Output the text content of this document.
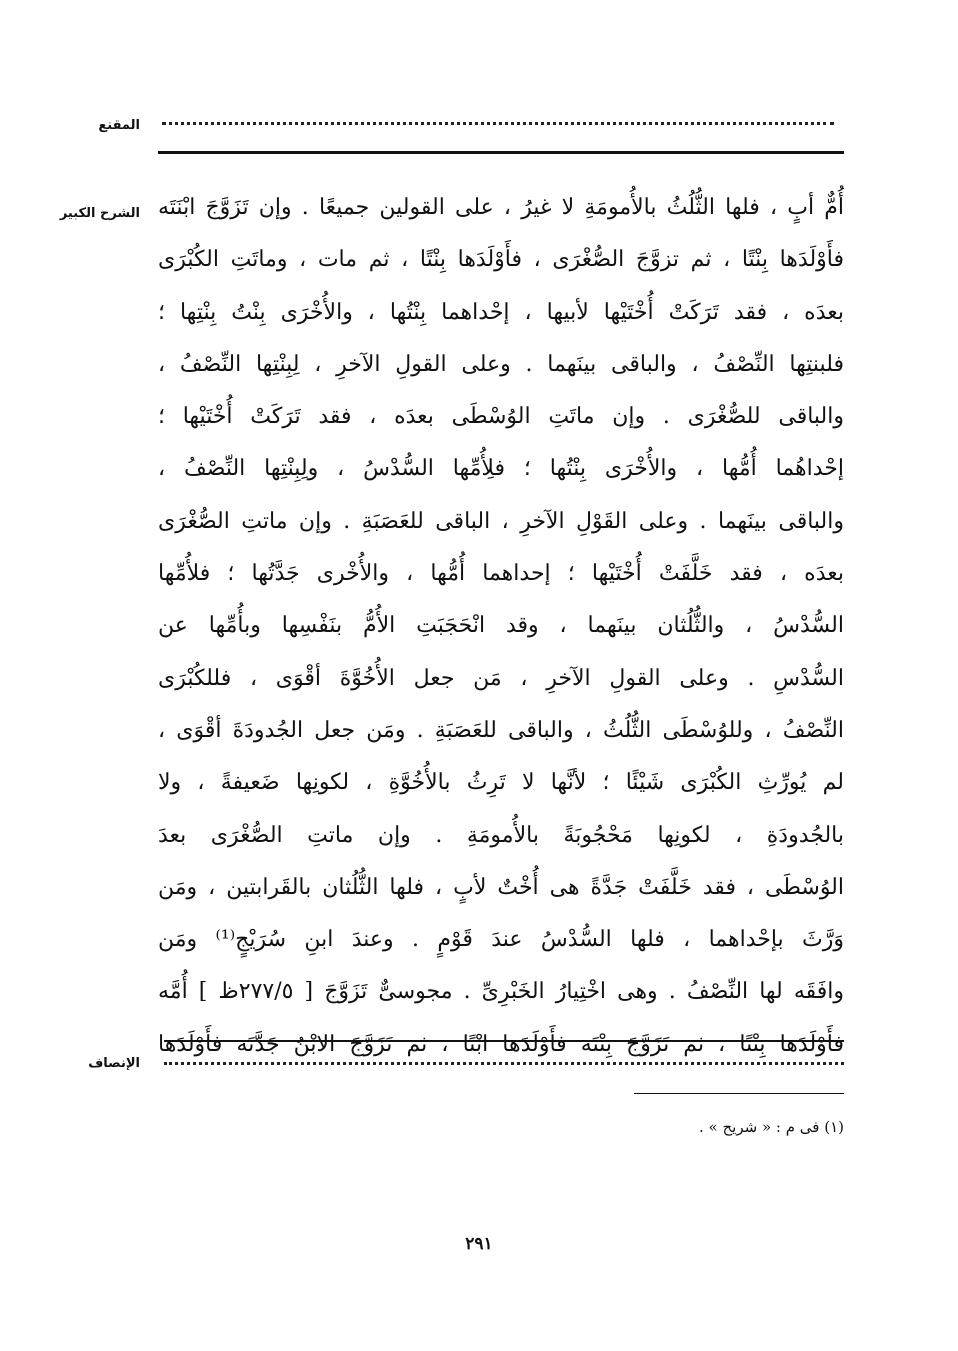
المقنع
الشرح الكبير أُمٌّ أبٍ ، فلها الثُّلُثُ بالأُمومَةِ لا غيرُ ، على القولين جميعًا . وإن تَزَوَّجَ ابْنَتَه
فأَوْلَدَها بِنْتًا ، ثم تزوَّجَ الصُّغْرَى ، فأَوْلَدَها بِنْتًا ، ثم مات ، وماتَتِ الكُبْرَى
بعدَه ، فقد تَرَكَتْ أُخْتَيْها لأبيها ، إحْداهما بِنْتُها ، والأُخْرَى بِنْتُ بِنْتِها ؛
فلبنتِها النِّصْفُ ، والباقى بينَهما . وعلى القولِ الآخرِ ، لِبِنْتِها النِّصْفُ ،
والباقى للصُّغْرَى . وإن ماتَتِ الوُسْطَى بعدَه ، فقد تَرَكَتْ أُخْتَيْها ؛
إحْداهُما أُمُّها ، والأُخْرَى بِنْتُها ؛ فلِأُمِّها السُّدْسُ ، ولِبِنْتِها النِّصْفُ ،
والباقى بينَهما . وعلى القَوْلِ الآخرِ ، الباقى للعَصَبَةِ . وإن ماتتِ الصُّغْرَى
بعدَه ، فقد خَلَّفَتْ أُخْتَيْها ؛ إحداهما أُمُّها ، والأُخْرى جَدَّتُها ؛ فلأُمِّها
السُّدْسُ ، والثُّلُثان بينَهما ، وقد انْحَجَبَتِ الأُمُّ بنَفْسِها وبأُمِّها عن
السُّدْسِ . وعلى القولِ الآخرِ ، مَن جعل الأُخُوَّةَ أقْوَى ، فللكُبْرَى
النِّصْفُ ، وللوُسْطَى الثُّلُثُ ، والباقى للعَصَبَةِ . ومَن جعل الجُدودَةَ أقْوَى ،
لم يُورِّثِ الكُبْرَى شَيْئًا ؛ لأنَّها لا تَرِثُ بالأُخُوَّةِ ، لكونِها ضَعيفةً ، ولا
بالجُدودَةِ ، لكونِها مَحْجُوبَةً بالأُمومَةِ . وإن ماتتِ الصُّغْرَى بعدَ
الوُسْطَى ، فقد خَلَّفَتْ جَدَّةً هى أُخْتٌ لأبٍ ، فلها الثُّلُثان بالقَرابتين ، ومَن
وَرَّثَ بإحْداهما ، فلها السُّدْسُ عندَ قَوْمٍ . وعندَ ابنِ سُرَيْجٍ⁽¹⁾ ومَن
وافَقَه لها النِّصْفُ . وهى اخْتِيارُ الخَبْرِىِّ . مجوسىٌّ تَزَوَّجَ [ ٢٧٧/٥ظ ] أُمَّه
فأَوْلَدَها بِنْتًا ، ثم تَزَوَّجَ بِنْتَه فأَوْلَدَها ابْنًا ، ثم تَزَوَّجَ الابْنُ جَدَّتَه فأَوْلَدَها
الإنصاف
(١) فى م : « شريح » .
٢٩١
